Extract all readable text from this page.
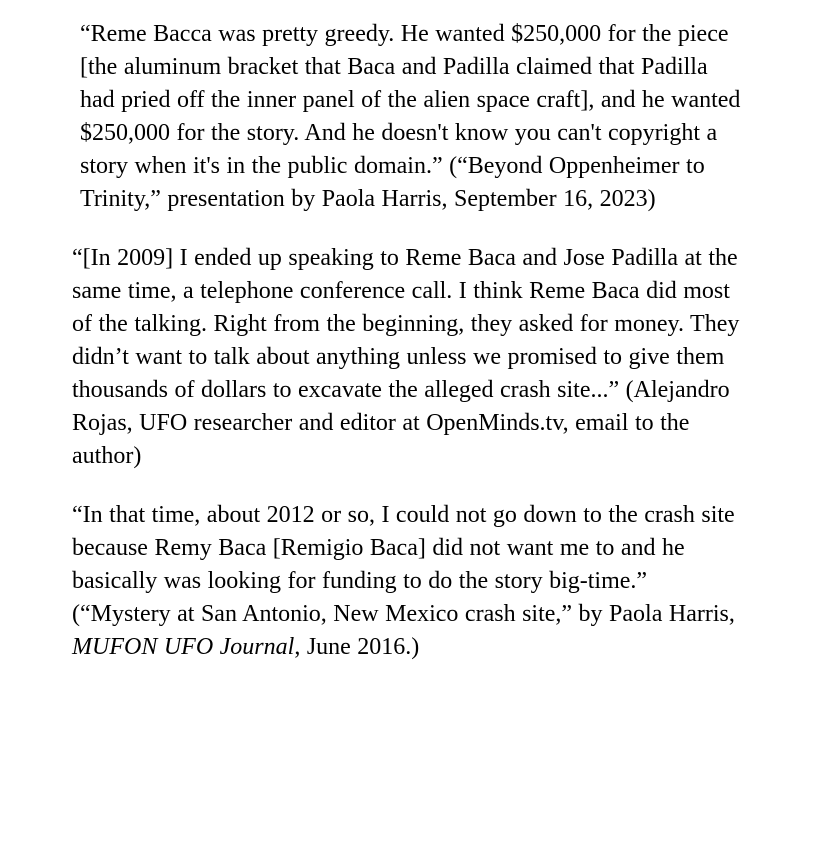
“Reme Bacca was pretty greedy. He wanted $250,000 for the piece [the aluminum bracket that Baca and Padilla claimed that Padilla had pried off the inner panel of the alien space craft], and he wanted $250,000 for the story. And he doesn't know you can't copyright a story when it's in the public domain.” (“Beyond Oppenheimer to Trinity,” presentation by Paola Harris, September 16, 2023)

“[In 2009] I ended up speaking to Reme Baca and Jose Padilla at the same time, a telephone conference call. I think Reme Baca did most of the talking. Right from the beginning, they asked for money. They didn’t want to talk about anything unless we promised to give them thousands of dollars to excavate the alleged crash site...” (Alejandro Rojas, UFO researcher and editor at OpenMinds.tv, email to the author)

“In that time, about 2012 or so, I could not go down to the crash site because Remy Baca [Remigio Baca] did not want me to and he basically was looking for funding to do the story big-time.” (“Mystery at San Antonio, New Mexico crash site,” by Paola Harris, MUFON UFO Journal, June 2016.)
